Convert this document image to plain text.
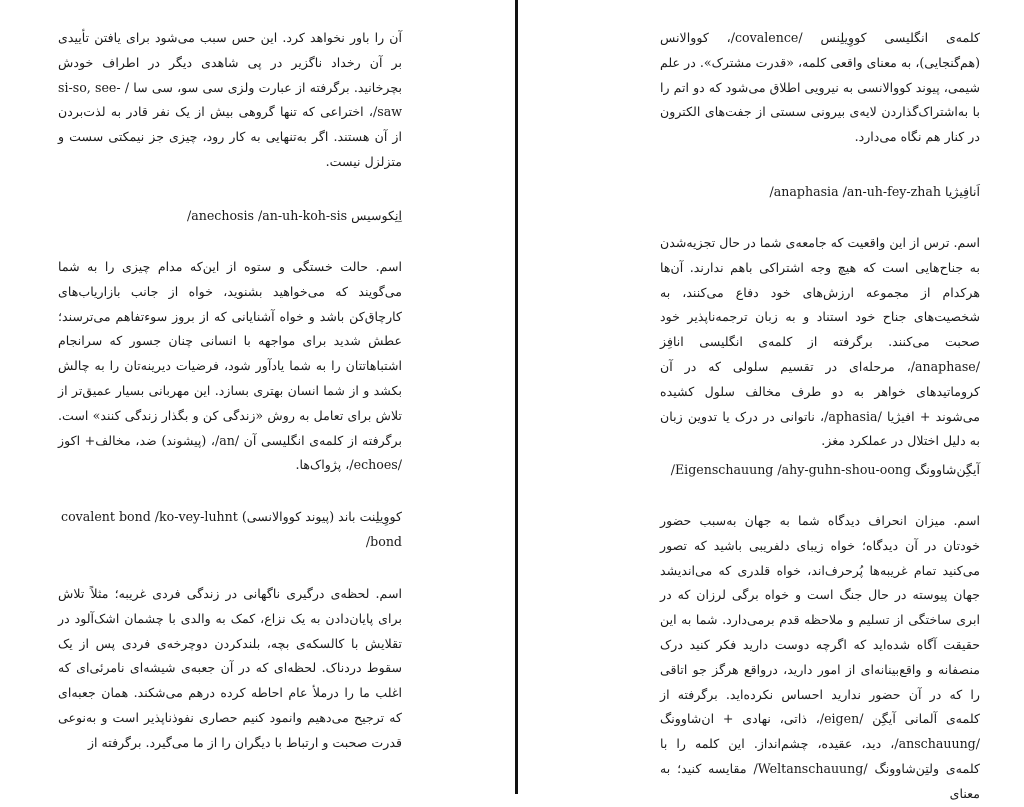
آن را باور نخواهد کرد. این حس سبب می‌شود برای یافتن تأییدی بر آن رخداد ناگزیر در پی شاهدی دیگر در اطراف خودش بچرخانید. برگرفته از عبارت ولزی سی سو، سی سا / si-so, see-saw/، اختراعی که تنها گروهی بیش از یک نفر قادر به لذت‌بردن از آن هستند. اگر به‌تنهایی به کار رود، چیزی جز نیمکتی سست و متزلزل نیست.

اِنِکوسیس anechosis /an-uh-koh-sis/

اسم. حالت خستگی و ستوه از این‌که مدام چیزی را به شما می‌گویند که می‌خواهید بشنوید، خواه از جانب بازاریاب‌های کارچاق‌کن باشد و خواه آشنایانی که از بروز سوءتفاهم می‌ترسند؛ عطش شدید برای مواجهه با انسانی چنان جسور که سرانجام اشتباهاتتان را به شما یادآور شود، فرضیات دیرینه‌تان را به چالش بکشد و از شما انسان بهتری بسازد. این مهربانی بسیار عمیق‌تر از تلاش برای تعامل به روش «زندگی کن و بگذار زندگی کنند» است. برگرفته از کلمه‌ی انگلیسی آن /an/، (پیشوند) ضد، مخالف+ اکوز /echoes/، پژواک‌ها.

کووِیلِنت باند (پیوند کووالانسی) covalent bond /ko-vey-luhnt bond/

اسم. لحظه‌ی درگیری ناگهانی در زندگی فردی غریبه؛ مثلاً تلاش برای پایان‌دادن به یک نزاع، کمک به والدی با چشمان اشک‌آلود در تقلایش با کالسکه‌ی بچه، بلندکردن دوچرخه‌ی فردی پس از یک سقوط دردناک. لحظه‌ای که در آن جعبه‌ی شیشه‌ای نامرئی‌ای که اغلب ما را درملأ عام احاطه کرده درهم می‌شکند. همان جعبه‌ای که ترجیح می‌دهیم وانمود کنیم حصاری نفوذناپذیر است و به‌نوعی قدرت صحبت و ارتباط با دیگران را از ما می‌گیرد. برگرفته از

کلمه‌ی انگلیسی کووِیلِنس /covalence/، کووالانس (هم‌گنجایی)، به معنای واقعی کلمه، «قدرت مشترک». در علم شیمی، پیوند کووالانسی به نیرویی اطلاق می‌شود که دو اتم را با به‌اشتراک‌گذاردن لایه‌ی بیرونی سستی از جفت‌های الکترون در کنار هم نگاه می‌دارد.

اَنافِیژیا anaphasia /an-uh-fey-zhah/

اسم. ترس از این واقعیت که جامعه‌ی شما در حال تجزیه‌شدن به جناح‌هایی است که هیچ وجه اشتراکی باهم ندارند. آن‌ها هرکدام از مجموعه ارزش‌های خود دفاع می‌کنند، به شخصیت‌های جناح خود استناد و به زبان ترجمه‌ناپذیر خود صحبت می‌کنند. برگرفته از کلمه‌ی انگلیسی انافِز /anaphase/، مرحله‌ای در تقسیم سلولی که در آن کروماتیدهای خواهر به دو طرف مخالف سلول کشیده می‌شوند + افیژیا /aphasia/، ناتوانی در درک یا تدوین زبان به دلیل اختلال در عملکرد مغز.

آیگِن‌شاوونگ Eigenschauung /ahy-guhn-shou-oong/

اسم. میزان انحراف دیدگاه شما به جهان به‌سبب حضور خودتان در آن دیدگاه؛ خواه زیبای دلفریبی باشید که تصور می‌کنید تمام غریبه‌ها پُرحرف‌اند، خواه قلدری که می‌اندیشد جهان پیوسته در حال جنگ است و خواه برگی لرزان که در ابری ساختگی از تسلیم و ملاحظه قدم برمی‌دارد. شما به این حقیقت آگاه شده‌اید که اگرچه دوست دارید فکر کنید درک منصفانه و واقع‌بینانه‌ای از امور دارید، درواقع هرگز جو اتاقی را که در آن حضور ندارید احساس نکرده‌اید. برگرفته از کلمه‌ی آلمانی آیگِن /eigen/، ذاتی، نهادی + ان‌شاوونگ /anschauung/، دید، عقیده، چشم‌انداز. این کلمه را با کلمه‌ی ولتِن‌شاوونگ /Weltanschauung/ مقایسه کنید؛ به معنای
